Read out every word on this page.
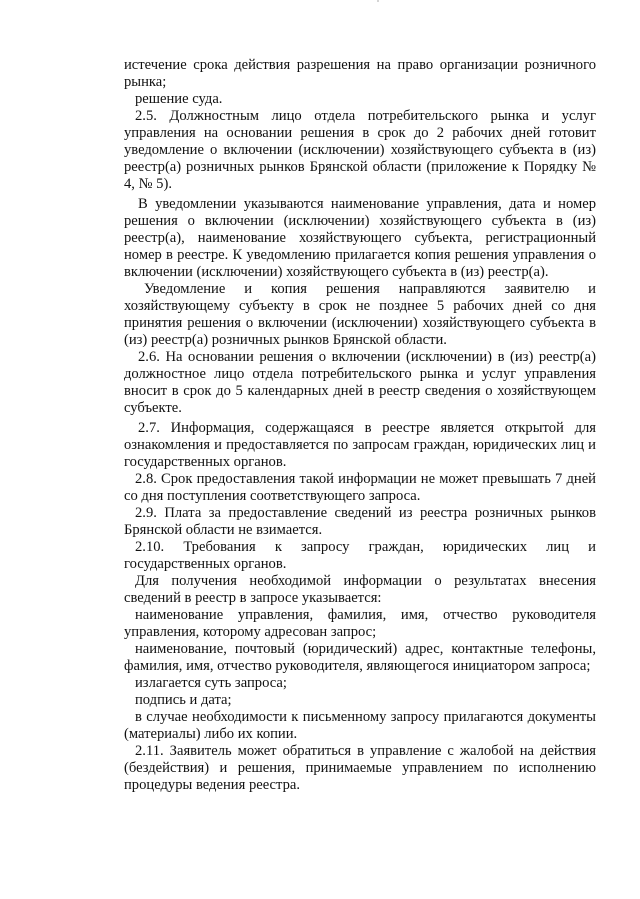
истечение срока действия разрешения на право организации розничного рынка;

решение суда.

2.5. Должностным лицо отдела потребительского рынка и услуг управления на основании решения в срок до 2 рабочих дней готовит уведомление о включении (исключении) хозяйствующего субъекта в (из) реестр(а) розничных рынков Брянской области (приложение к Порядку № 4, № 5).

В уведомлении указываются наименование управления, дата и номер решения о включении (исключении) хозяйствующего субъекта в (из) реестр(а), наименование хозяйствующего субъекта, регистрационный номер в реестре. К уведомлению прилагается копия решения управления о включении (исключении) хозяйствующего субъекта в (из) реестр(а).

Уведомление и копия решения направляются заявителю и хозяйствующему субъекту в срок не позднее 5 рабочих дней со дня принятия решения о включении (исключении) хозяйствующего субъекта в (из) реестр(а) розничных рынков Брянской области.

2.6. На основании решения о включении (исключении) в (из) реестр(а) должностное лицо отдела потребительского рынка и услуг управления вносит в срок до 5 календарных дней в реестр сведения о хозяйствующем субъекте.

2.7. Информация, содержащаяся в реестре является открытой для ознакомления и предоставляется по запросам граждан, юридических лиц и государственных органов.

2.8. Срок предоставления такой информации не может превышать 7 дней со дня поступления соответствующего запроса.

2.9. Плата за предоставление сведений из реестра розничных рынков Брянской области не взимается.

2.10. Требования к запросу граждан, юридических лиц и государственных органов.

Для получения необходимой информации о результатах внесения сведений в реестр в запросе указывается:

наименование управления, фамилия, имя, отчество руководителя управления, которому адресован запрос;

наименование, почтовый (юридический) адрес, контактные телефоны, фамилия, имя, отчество руководителя, являющегося инициатором запроса;

излагается суть запроса;

подпись и дата;

в случае необходимости к письменному запросу прилагаются документы (материалы) либо их копии.

2.11. Заявитель может обратиться в управление с жалобой на действия (бездействия) и решения, принимаемые управлением по исполнению процедуры ведения реестра.
